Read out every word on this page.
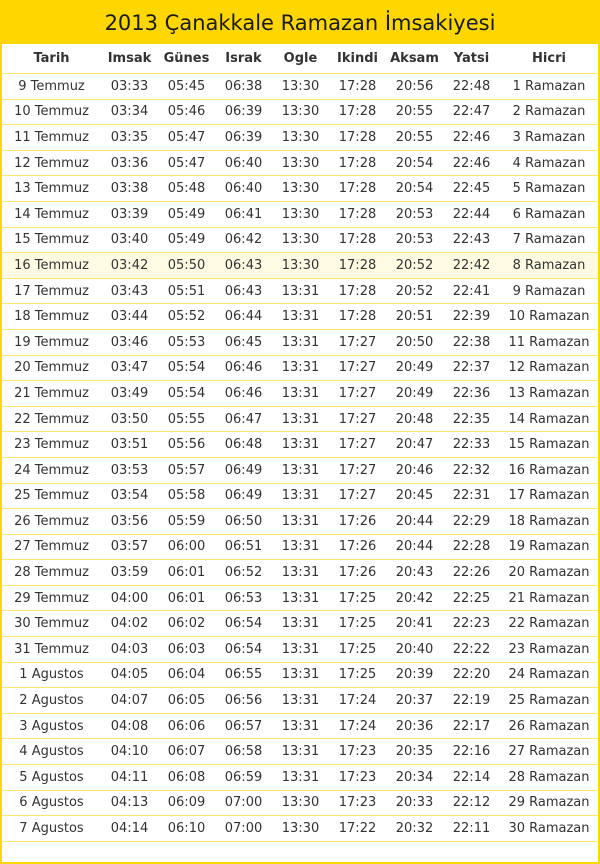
2013 Çanakkale Ramazan İmsakiyesi
Tarih	Imsak	Günes	Israk	Ogle	Ikindi	Aksam	Yatsi	Hicri
9 Temmuz	03:33	05:45	06:38	13:30	17:28	20:56	22:48	1 Ramazan
10 Temmuz	03:34	05:46	06:39	13:30	17:28	20:55	22:47	2 Ramazan
11 Temmuz	03:35	05:47	06:39	13:30	17:28	20:55	22:46	3 Ramazan
12 Temmuz	03:36	05:47	06:40	13:30	17:28	20:54	22:46	4 Ramazan
13 Temmuz	03:38	05:48	06:40	13:30	17:28	20:54	22:45	5 Ramazan
14 Temmuz	03:39	05:49	06:41	13:30	17:28	20:53	22:44	6 Ramazan
15 Temmuz	03:40	05:49	06:42	13:30	17:28	20:53	22:43	7 Ramazan
16 Temmuz	03:42	05:50	06:43	13:30	17:28	20:52	22:42	8 Ramazan
17 Temmuz	03:43	05:51	06:43	13:31	17:28	20:52	22:41	9 Ramazan
18 Temmuz	03:44	05:52	06:44	13:31	17:28	20:51	22:39	10 Ramazan
19 Temmuz	03:46	05:53	06:45	13:31	17:27	20:50	22:38	11 Ramazan
20 Temmuz	03:47	05:54	06:46	13:31	17:27	20:49	22:37	12 Ramazan
21 Temmuz	03:49	05:54	06:46	13:31	17:27	20:49	22:36	13 Ramazan
22 Temmuz	03:50	05:55	06:47	13:31	17:27	20:48	22:35	14 Ramazan
23 Temmuz	03:51	05:56	06:48	13:31	17:27	20:47	22:33	15 Ramazan
24 Temmuz	03:53	05:57	06:49	13:31	17:27	20:46	22:32	16 Ramazan
25 Temmuz	03:54	05:58	06:49	13:31	17:27	20:45	22:31	17 Ramazan
26 Temmuz	03:56	05:59	06:50	13:31	17:26	20:44	22:29	18 Ramazan
27 Temmuz	03:57	06:00	06:51	13:31	17:26	20:44	22:28	19 Ramazan
28 Temmuz	03:59	06:01	06:52	13:31	17:26	20:43	22:26	20 Ramazan
29 Temmuz	04:00	06:01	06:53	13:31	17:25	20:42	22:25	21 Ramazan
30 Temmuz	04:02	06:02	06:54	13:31	17:25	20:41	22:23	22 Ramazan
31 Temmuz	04:03	06:03	06:54	13:31	17:25	20:40	22:22	23 Ramazan
1 Agustos	04:05	06:04	06:55	13:31	17:25	20:39	22:20	24 Ramazan
2 Agustos	04:07	06:05	06:56	13:31	17:24	20:37	22:19	25 Ramazan
3 Agustos	04:08	06:06	06:57	13:31	17:24	20:36	22:17	26 Ramazan
4 Agustos	04:10	06:07	06:58	13:31	17:23	20:35	22:16	27 Ramazan
5 Agustos	04:11	06:08	06:59	13:31	17:23	20:34	22:14	28 Ramazan
6 Agustos	04:13	06:09	07:00	13:30	17:23	20:33	22:12	29 Ramazan
7 Agustos	04:14	06:10	07:00	13:30	17:22	20:32	22:11	30 Ramazan
